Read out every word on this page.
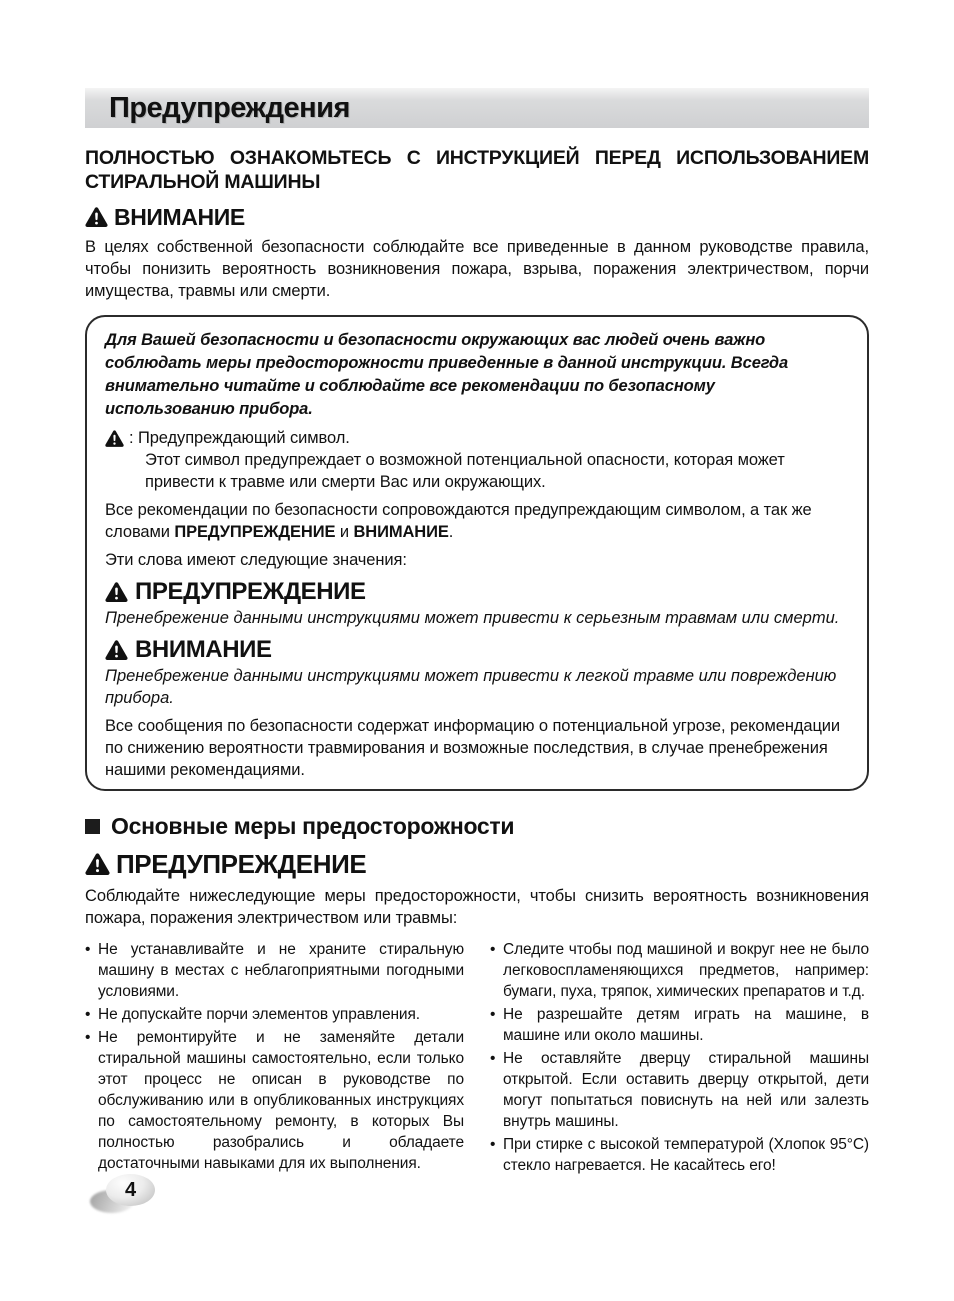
Предупреждения
ПОЛНОСТЬЮ ОЗНАКОМЬТЕСЬ С ИНСТРУКЦИЕЙ ПЕРЕД ИСПОЛЬЗОВАНИЕМ
СТИРАЛЬНОЙ МАШИНЫ
ВНИМАНИЕ
В целях собственной безопасности соблюдайте все приведенные в данном руководстве правила, чтобы понизить вероятность возникновения пожара, взрыва, поражения электричеством, порчи имущества, травмы или смерти.
Для Вашей безопасности и безопасности окружающих вас людей очень важно соблюдать меры предосторожности приведенные в данной инструкции. Всегда внимательно читайте и соблюдайте все рекомендации по безопасному использованию прибора.
: Предупреждающий символ.
Этот символ предупреждает о возможной потенциальной опасности, которая может привести к травме или смерти Вас или окружающих.
Все рекомендации по безопасности сопровождаются предупреждающим символом, а так же словами ПРЕДУПРЕЖДЕНИЕ и ВНИМАНИЕ.
Эти слова имеют следующие значения:
ПРЕДУПРЕЖДЕНИЕ
Пренебрежение данными инструкциями может привести к серьезным травмам или смерти.
ВНИМАНИЕ
Пренебрежение данными инструкциями может привести к легкой травме или повреждению прибора.
Все сообщения по безопасности содержат информацию о потенциальной угрозе, рекомендации по снижению вероятности травмирования и возможные последствия, в случае пренебрежения нашими рекомендациями.
Основные меры предосторожности
ПРЕДУПРЕЖДЕНИЕ
Соблюдайте нижеследующие меры предосторожности, чтобы снизить вероятность возникновения пожара, поражения электричеством или травмы:
• Не устанавливайте и не храните стиральную машину в местах с неблагоприятными погодными условиями.
• Не допускайте порчи элементов управления.
• Не ремонтируйте и не заменяйте детали стиральной машины самостоятельно, если только этот процесс не описан в руководстве по обслуживанию или в опубликованных инструкциях по самостоятельному ремонту, в которых Вы полностью разобрались и обладаете достаточными навыками для их выполнения.
• Следите чтобы под машиной и вокруг нее не было легковоспламеняющихся предметов, например: бумаги, пуха, тряпок, химических препаратов и т.д.
• Не разрешайте детям играть на машине, в машине или около машины.
• Не оставляйте дверцу стиральной машины открытой. Если оставить дверцу открытой, дети могут попытаться повиснуть на ней или залезть внутрь машины.
• При стирке с высокой температурой (Хлопок 95°С) стекло нагревается. Не касайтесь его!
4
